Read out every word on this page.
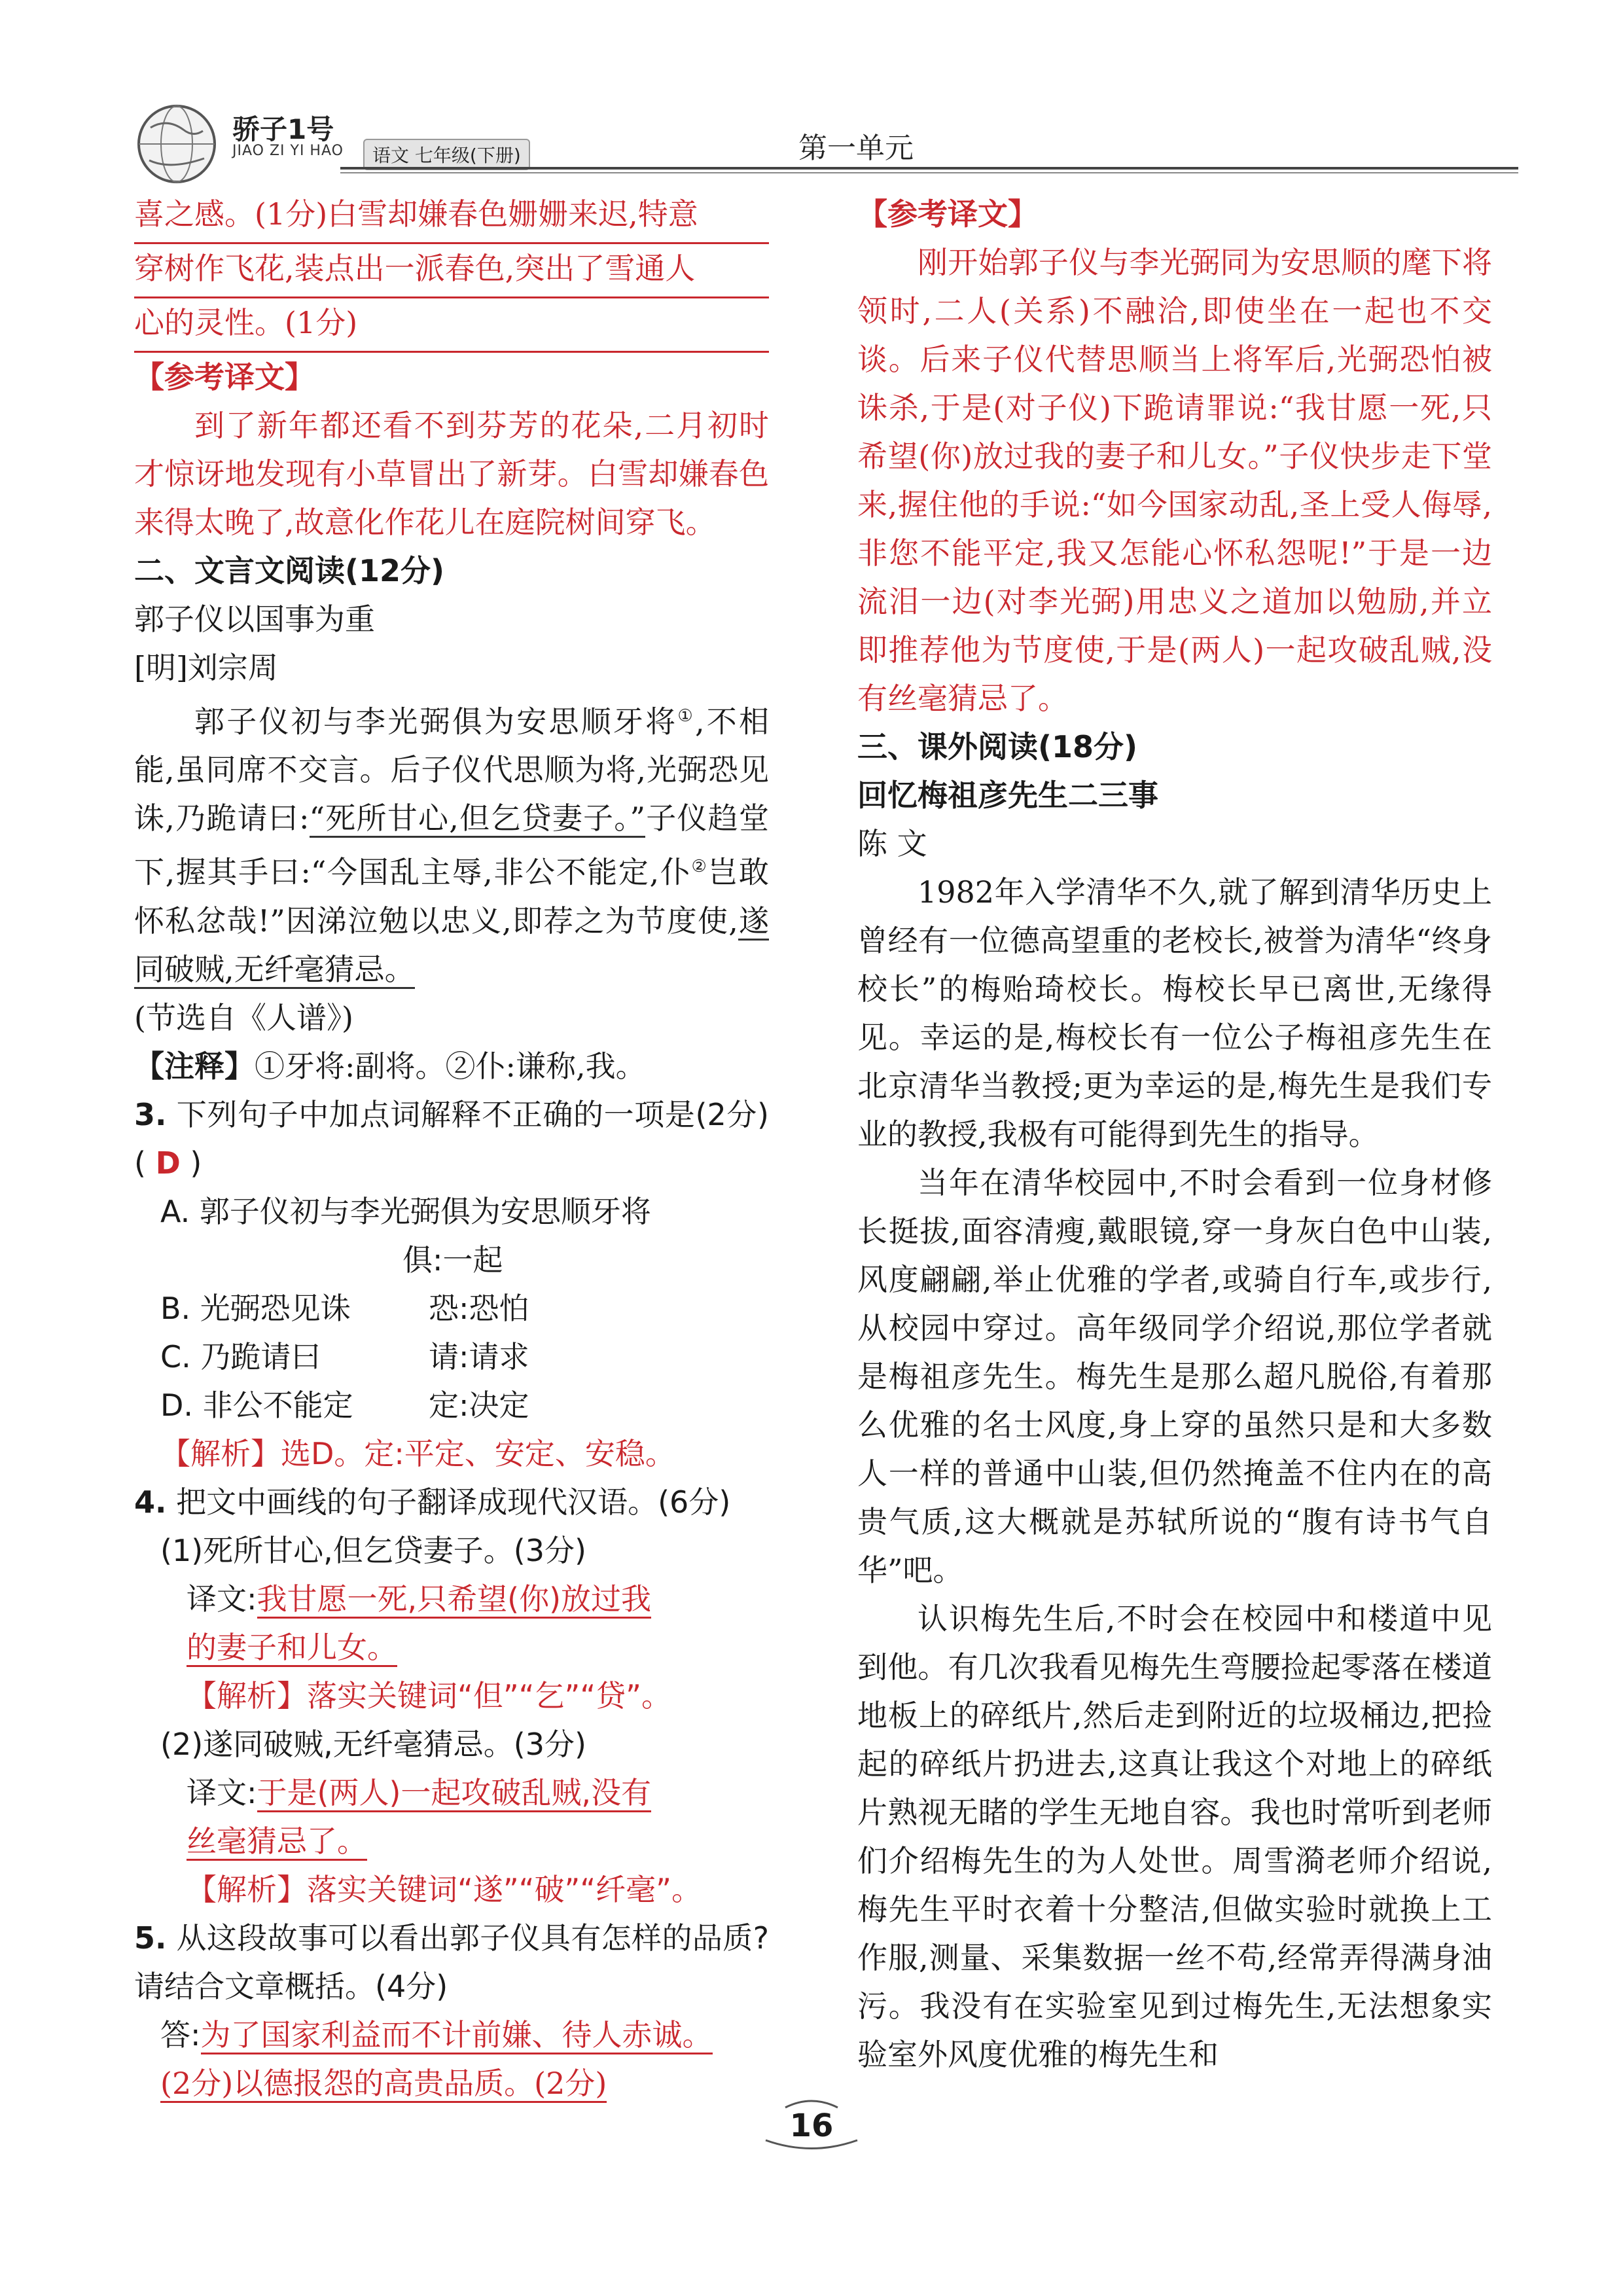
骄子1号
JIAO ZI YI HAO	语文 七年级(下册)	第一单元

喜之感。(1分)白雪却嫌春色姗姗来迟,特意
穿树作飞花,装点出一派春色,突出了雪通人
心的灵性。(1分)

【参考译文】

到了新年都还看不到芬芳的花朵,二月初时才惊讶地发现有小草冒出了新芽。白雪却嫌春色来得太晚了,故意化作花儿在庭院树间穿飞。

二、文言文阅读(12分)

郭子仪以国事为重

[明]刘宗周

郭子仪初与李光弼俱为安思顺牙将①,不相能,虽同席不交言。后子仪代思顺为将,光弼恐见诛,乃跪请曰:“死所甘心,但乞贷妻子。”子仪趋堂下,握其手曰:“今国乱主辱,非公不能定,仆②岂敢怀私忿哉!”因涕泣勉以忠义,即荐之为节度使,遂同破贼,无纤毫猜忌。

(节选自《人谱》)

【注释】①牙将:副将。②仆:谦称,我。

3. 下列句子中加点词解释不正确的一项是(2分)( D )

A. 郭子仪初与李光弼俱为安思顺牙将

俱:一起

B. 光弼恐见诛	恐:恐怕

C. 乃跪请曰	请:请求

D. 非公不能定	定:决定

【解析】选D。定:平定、安定、安稳。

4. 把文中画线的句子翻译成现代汉语。(6分)

(1)死所甘心,但乞贷妻子。(3分)

译文:我甘愿一死,只希望(你)放过我

的妻子和儿女。

【解析】落实关键词“但”“乞”“贷”。

(2)遂同破贼,无纤毫猜忌。(3分)

译文:于是(两人)一起攻破乱贼,没有

丝毫猜忌了。

【解析】落实关键词“遂”“破”“纤毫”。

5. 从这段故事可以看出郭子仪具有怎样的品质?请结合文章概括。(4分)

答:为了国家利益而不计前嫌、待人赤诚。

(2分)以德报怨的高贵品质。(2分)

【参考译文】

刚开始郭子仪与李光弼同为安思顺的麾下将领时,二人(关系)不融洽,即使坐在一起也不交谈。后来子仪代替思顺当上将军后,光弼恐怕被诛杀,于是(对子仪)下跪请罪说:“我甘愿一死,只希望(你)放过我的妻子和儿女。”子仪快步走下堂来,握住他的手说:“如今国家动乱,圣上受人侮辱,非您不能平定,我又怎能心怀私怨呢!”于是一边流泪一边(对李光弼)用忠义之道加以勉励,并立即推荐他为节度使,于是(两人)一起攻破乱贼,没有丝毫猜忌了。

三、课外阅读(18分)

回忆梅祖彦先生二三事

陈 文

1982年入学清华不久,就了解到清华历史上曾经有一位德高望重的老校长,被誉为清华“终身校长”的梅贻琦校长。梅校长早已离世,无缘得见。幸运的是,梅校长有一位公子梅祖彦先生在北京清华当教授;更为幸运的是,梅先生是我们专业的教授,我极有可能得到先生的指导。

当年在清华校园中,不时会看到一位身材修长挺拔,面容清瘦,戴眼镜,穿一身灰白色中山装,风度翩翩,举止优雅的学者,或骑自行车,或步行,从校园中穿过。高年级同学介绍说,那位学者就是梅祖彦先生。梅先生是那么超凡脱俗,有着那么优雅的名士风度,身上穿的虽然只是和大多数人一样的普通中山装,但仍然掩盖不住内在的高贵气质,这大概就是苏轼所说的“腹有诗书气自华”吧。

认识梅先生后,不时会在校园中和楼道中见到他。有几次我看见梅先生弯腰捡起零落在楼道地板上的碎纸片,然后走到附近的垃圾桶边,把捡起的碎纸片扔进去,这真让我这个对地上的碎纸片熟视无睹的学生无地自容。我也时常听到老师们介绍梅先生的为人处世。周雪漪老师介绍说,梅先生平时衣着十分整洁,但做实验时就换上工作服,测量、采集数据一丝不苟,经常弄得满身油污。我没有在实验室见到过梅先生,无法想象实验室外风度优雅的梅先生和

16
